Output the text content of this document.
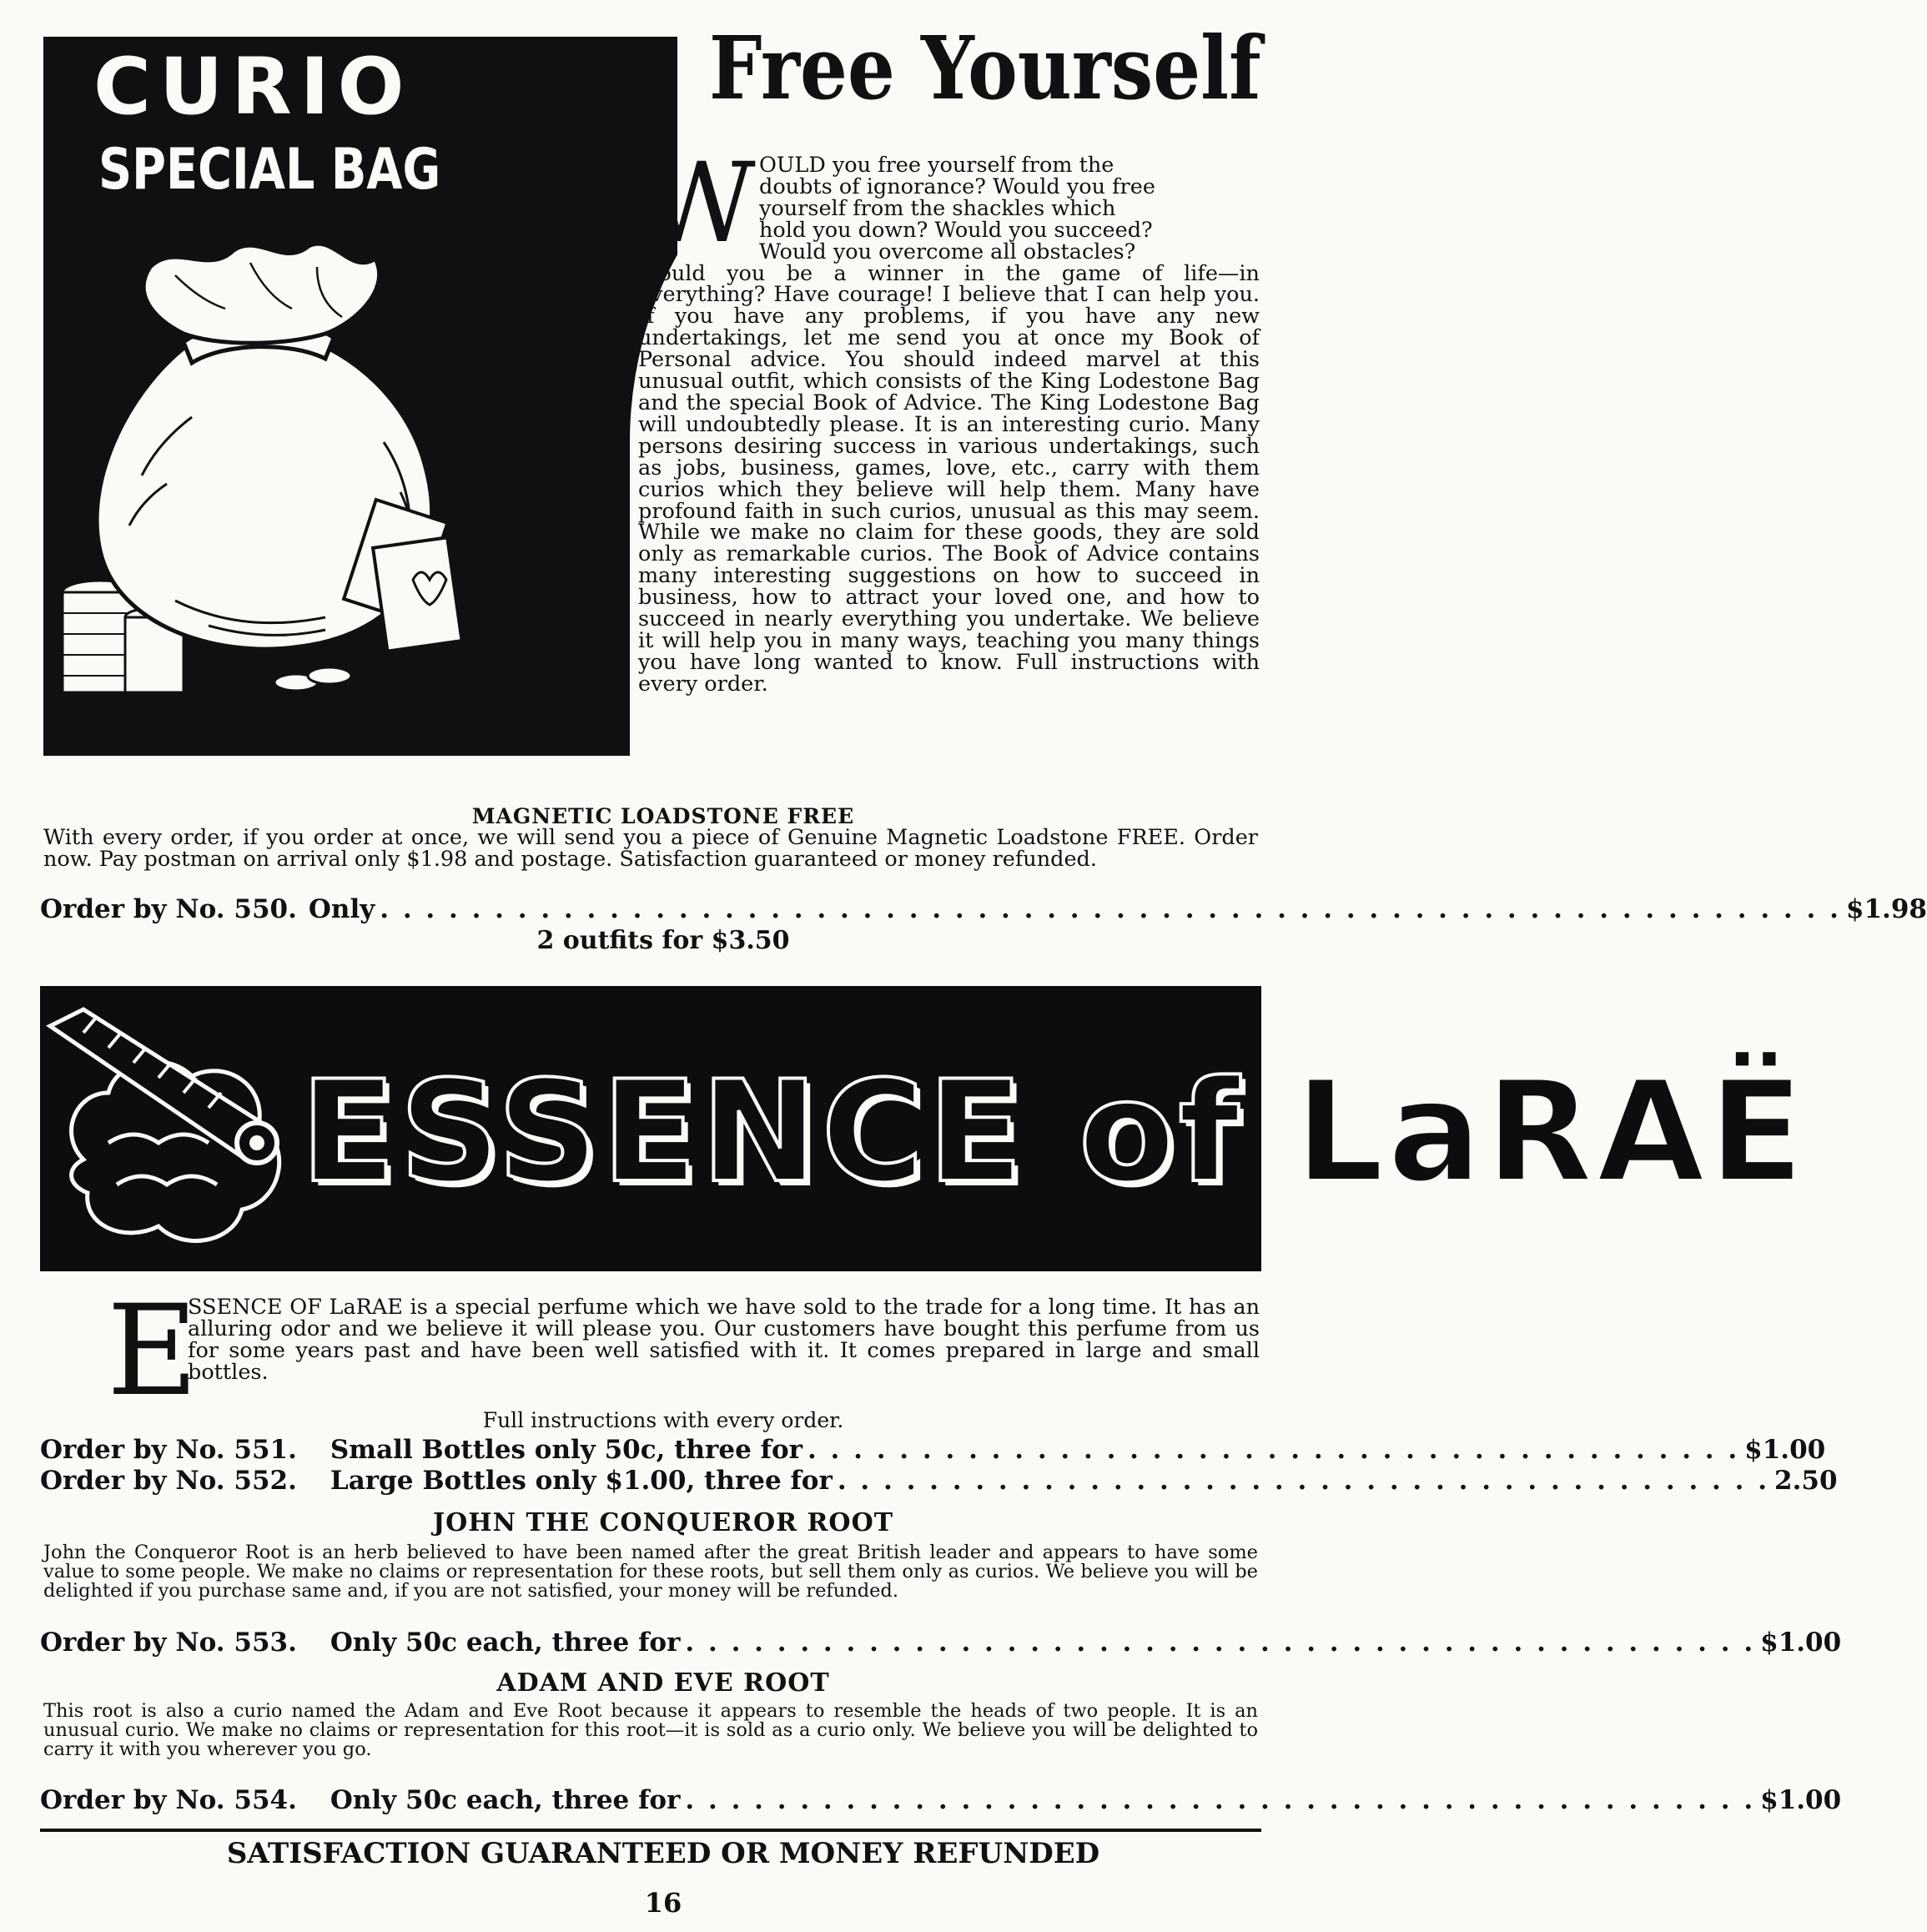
CURIO
SPECIAL BAG
Free Yourself
W OULD you free yourself from the
doubts of ignorance? Would you free
yourself from the shackles which
hold you down? Would you succeed?
Would you overcome all obstacles?
Would you be a winner in the game of life—in everything? Have courage! I believe that I can help you. If you have any problems, if you have any new undertakings, let me send you at once my Book of Personal advice. You should indeed marvel at this unusual outfit, which consists of the King Lodestone Bag and the special Book of Advice. The King Lodestone Bag will undoubtedly please. It is an interesting curio. Many persons desiring success in various undertakings, such as jobs, business, games, love, etc., carry with them curios which they believe will help them. Many have profound faith in such curios, unusual as this may seem. While we make no claim for these goods, they are sold only as remarkable curios. The Book of Advice contains many interesting suggestions on how to succeed in business, how to attract your loved one, and how to succeed in nearly everything you undertake. We believe it will help you in many ways, teaching you many things you have long wanted to know. Full instructions with every order.
MAGNETIC LOADSTONE FREE
With every order, if you order at once, we will send you a piece of Genuine Magnetic Loadstone FREE. Order now. Pay postman on arrival only $1.98 and postage. Satisfaction guaranteed or money refunded.
Order by No. 550. Only . . . . . . . . . . . . . . . . . . . . . . . . . . . . . . . . . . . . . . . . . . . . . . . . . . . . . . . . . . . . . . . . $1.98
2 outfits for $3.50
ESSENCE of LaRAË
E
SSENCE OF LaRAE is a special perfume which we have sold to the trade for a long time. It has an alluring odor and we believe it will please you. Our customers have bought this perfume from us for some years past and have been well satisfied with it. It comes prepared in large and small bottles.
Full instructions with every order.
Order by No. 551. Small Bottles only 50c, three for . . . . . . . . . . . . . . . . . . . . . . . . . . . . . . . . . . . . . . . . . $1.00
Order by No. 552. Large Bottles only $1.00, three for . . . . . . . . . . . . . . . . . . . . . . . . . . . . . . . . . . . . . . . . . 2.50
JOHN THE CONQUEROR ROOT
John the Conqueror Root is an herb believed to have been named after the great British leader and appears to have some value to some people. We make no claims or representation for these roots, but sell them only as curios. We believe you will be delighted if you purchase same and, if you are not satisfied, your money will be refunded.
Order by No. 553. Only 50c each, three for . . . . . . . . . . . . . . . . . . . . . . . . . . . . . . . . . . . . . . . . . . . . . . . $1.00
ADAM AND EVE ROOT
This root is also a curio named the Adam and Eve Root because it appears to resemble the heads of two people. It is an unusual curio. We make no claims or representation for this root—it is sold as a curio only. We believe you will be delighted to carry it with you wherever you go.
Order by No. 554. Only 50c each, three for . . . . . . . . . . . . . . . . . . . . . . . . . . . . . . . . . . . . . . . . . . . . . . . $1.00
SATISFACTION GUARANTEED OR MONEY REFUNDED
16
